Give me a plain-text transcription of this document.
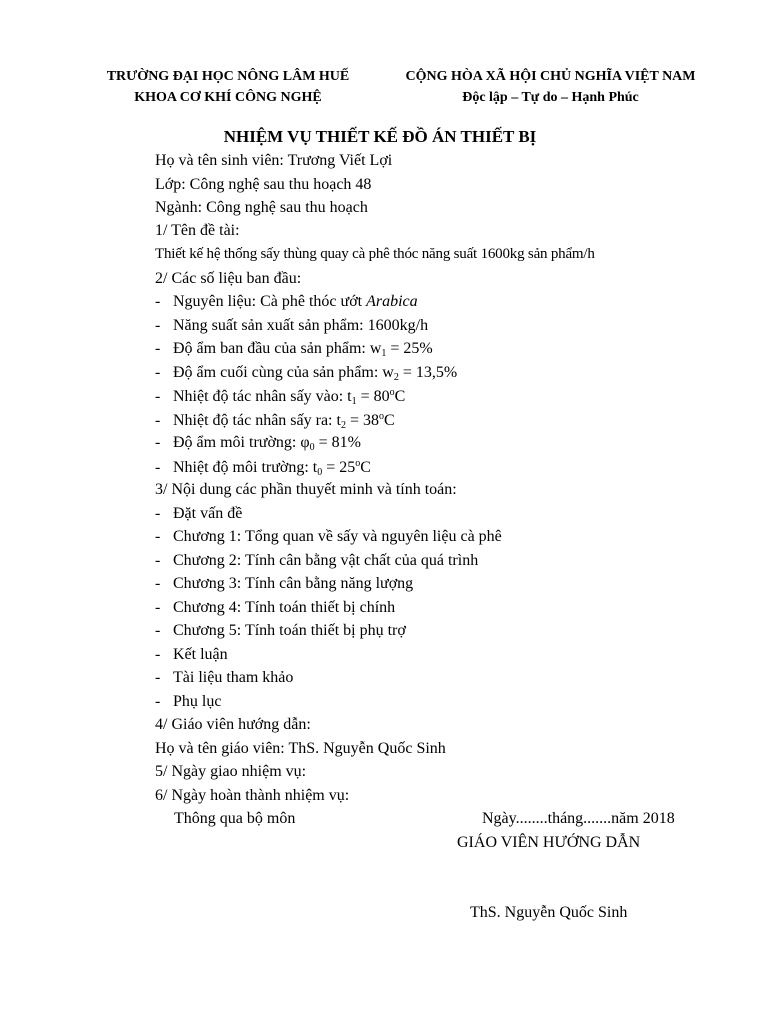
TRƯỜNG ĐẠI HỌC NÔNG LÂM HUẾ
KHOA CƠ KHÍ CÔNG NGHỆ
CỘNG HÒA XÃ HỘI CHỦ NGHĨA VIỆT NAM
Độc lập – Tự do – Hạnh Phúc
NHIỆM VỤ THIẾT KẾ ĐỒ ÁN THIẾT BỊ
Họ và tên sinh viên: Trương Viết Lợi
Lớp: Công nghệ sau thu hoạch 48
Ngành: Công nghệ sau thu hoạch
1/ Tên đề tài:
Thiết kế hệ thống sấy thùng quay cà phê thóc năng suất 1600kg sản phẩm/h
2/ Các số liệu ban đầu:
- Nguyên liệu: Cà phê thóc ướt Arabica
- Năng suất sản xuất sản phẩm: 1600kg/h
- Độ ẩm ban đầu của sản phẩm: $w_1 = 25\%$
- Độ ẩm cuối cùng của sản phẩm: $w_2 = 13,5\%$
- Nhiệt độ tác nhân sấy vào: $t_1 = 80^oC$
- Nhiệt độ tác nhân sấy ra: $t_2 = 38^oC$
- Độ ẩm môi trường: $\varphi_0 = 81\%$
- Nhiệt độ môi trường: $t_0 = 25^oC$
3/ Nội dung các phần thuyết minh và tính toán:
- Đặt vấn đề
- Chương 1: Tổng quan về sấy và nguyên liệu cà phê
- Chương 2: Tính cân bằng vật chất của quá trình
- Chương 3: Tính cân bằng năng lượng
- Chương 4: Tính toán thiết bị chính
- Chương 5: Tính toán thiết bị phụ trợ
- Kết luận
- Tài liệu tham khảo
- Phụ lục
4/ Giáo viên hướng dẫn:
Họ và tên giáo viên: ThS. Nguyễn Quốc Sinh
5/ Ngày giao nhiệm vụ:
6/ Ngày hoàn thành nhiệm vụ:
Thông qua bộ môn	Ngày........tháng.......năm 2018
GIÁO VIÊN HƯỚNG DẪN
ThS. Nguyễn Quốc Sinh
